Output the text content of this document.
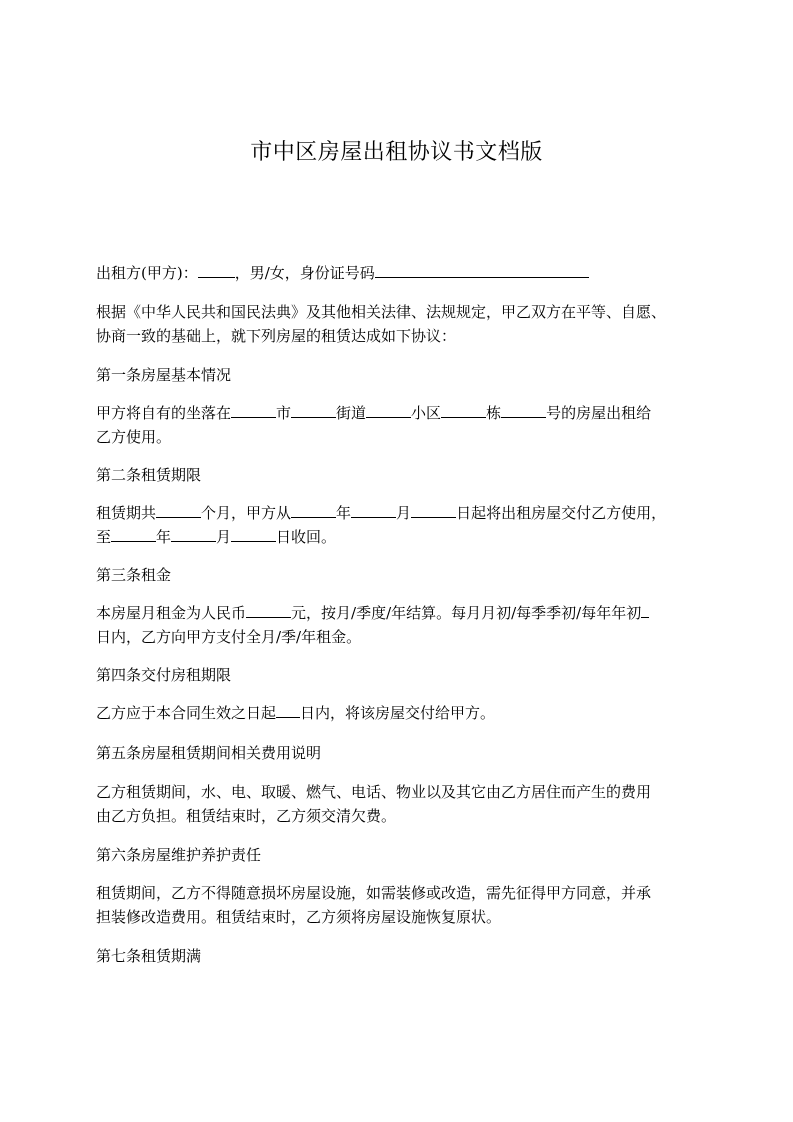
市中区房屋出租协议书文档版

出租方(甲方)： ，男/女，身份证号码

根据《中华人民共和国民法典》及其他相关法律、法规规定，甲乙双方在平等、自愿、
协商一致的基础上，就下列房屋的租赁达成如下协议：

第一条房屋基本情况

甲方将自有的坐落在	市	街道	小区	栋	号的房屋出租给
乙方使用。

第二条租赁期限

租赁期共	个月，甲方从	年	月	日起将出租房屋交付乙方使用，
至	年	月	日收回。

第三条租金

本房屋月租金为人民币	元，按月/季度/年结算。每月月初/每季季初/每年年初
日内，乙方向甲方支付全月/季/年租金。

第四条交付房租期限

乙方应于本合同生效之日起 日内，将该房屋交付给甲方。

第五条房屋租赁期间相关费用说明

乙方租赁期间，水、电、取暖、燃气、电话、物业以及其它由乙方居住而产生的费用
由乙方负担。租赁结束时，乙方须交清欠费。

第六条房屋维护养护责任

租赁期间，乙方不得随意损坏房屋设施，如需装修或改造，需先征得甲方同意，并承
担装修改造费用。租赁结束时，乙方须将房屋设施恢复原状。

第七条租赁期满
